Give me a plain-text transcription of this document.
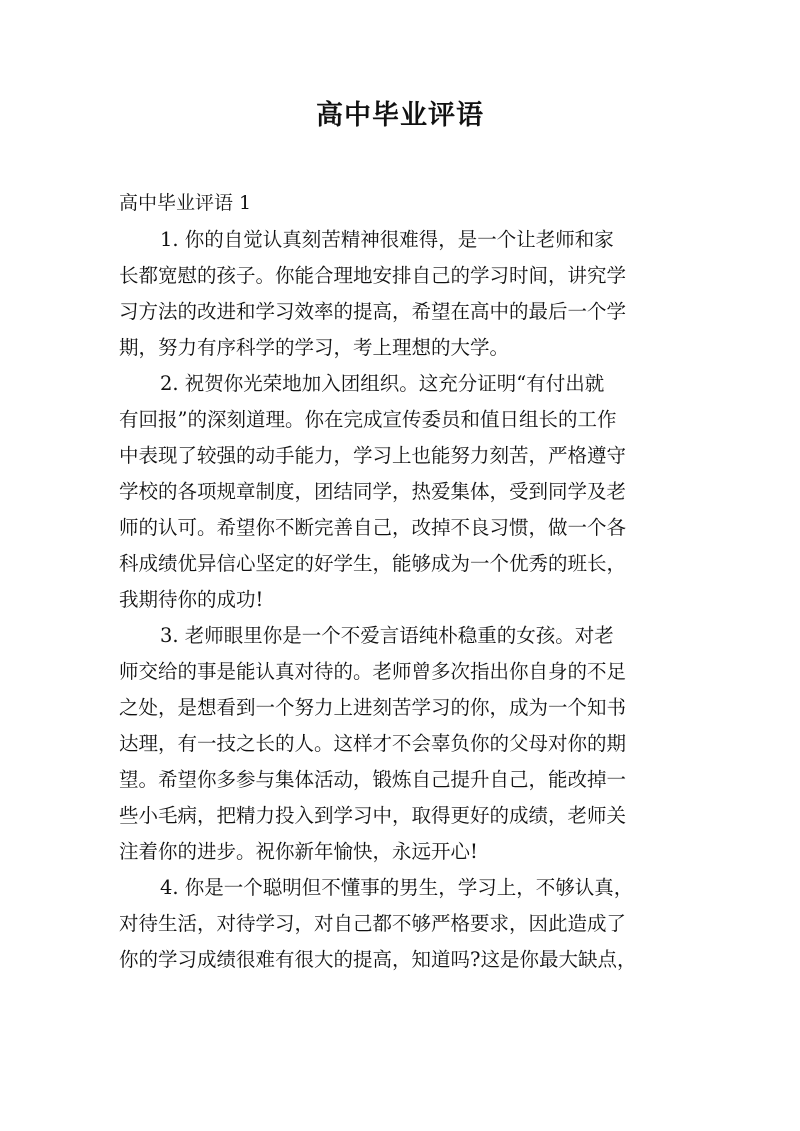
高中毕业评语
高中毕业评语 1
1. 你的自觉认真刻苦精神很难得，是一个让老师和家
长都宽慰的孩子。你能合理地安排自己的学习时间，讲究学
习方法的改进和学习效率的提高，希望在高中的最后一个学
期，努力有序科学的学习，考上理想的大学。
2. 祝贺你光荣地加入团组织。这充分证明“有付出就
有回报”的深刻道理。你在完成宣传委员和值日组长的工作
中表现了较强的动手能力，学习上也能努力刻苦，严格遵守
学校的各项规章制度，团结同学，热爱集体，受到同学及老
师的认可。希望你不断完善自己，改掉不良习惯，做一个各
科成绩优异信心坚定的好学生，能够成为一个优秀的班长，
我期待你的成功!
3. 老师眼里你是一个不爱言语纯朴稳重的女孩。对老
师交给的事是能认真对待的。老师曾多次指出你自身的不足
之处，是想看到一个努力上进刻苦学习的你，成为一个知书
达理，有一技之长的人。这样才不会辜负你的父母对你的期
望。希望你多参与集体活动，锻炼自己提升自己，能改掉一
些小毛病，把精力投入到学习中，取得更好的成绩，老师关
注着你的进步。祝你新年愉快，永远开心!
4. 你是一个聪明但不懂事的男生，学习上，不够认真，
对待生活，对待学习，对自己都不够严格要求，因此造成了
你的学习成绩很难有很大的提高，知道吗?这是你最大缺点，
